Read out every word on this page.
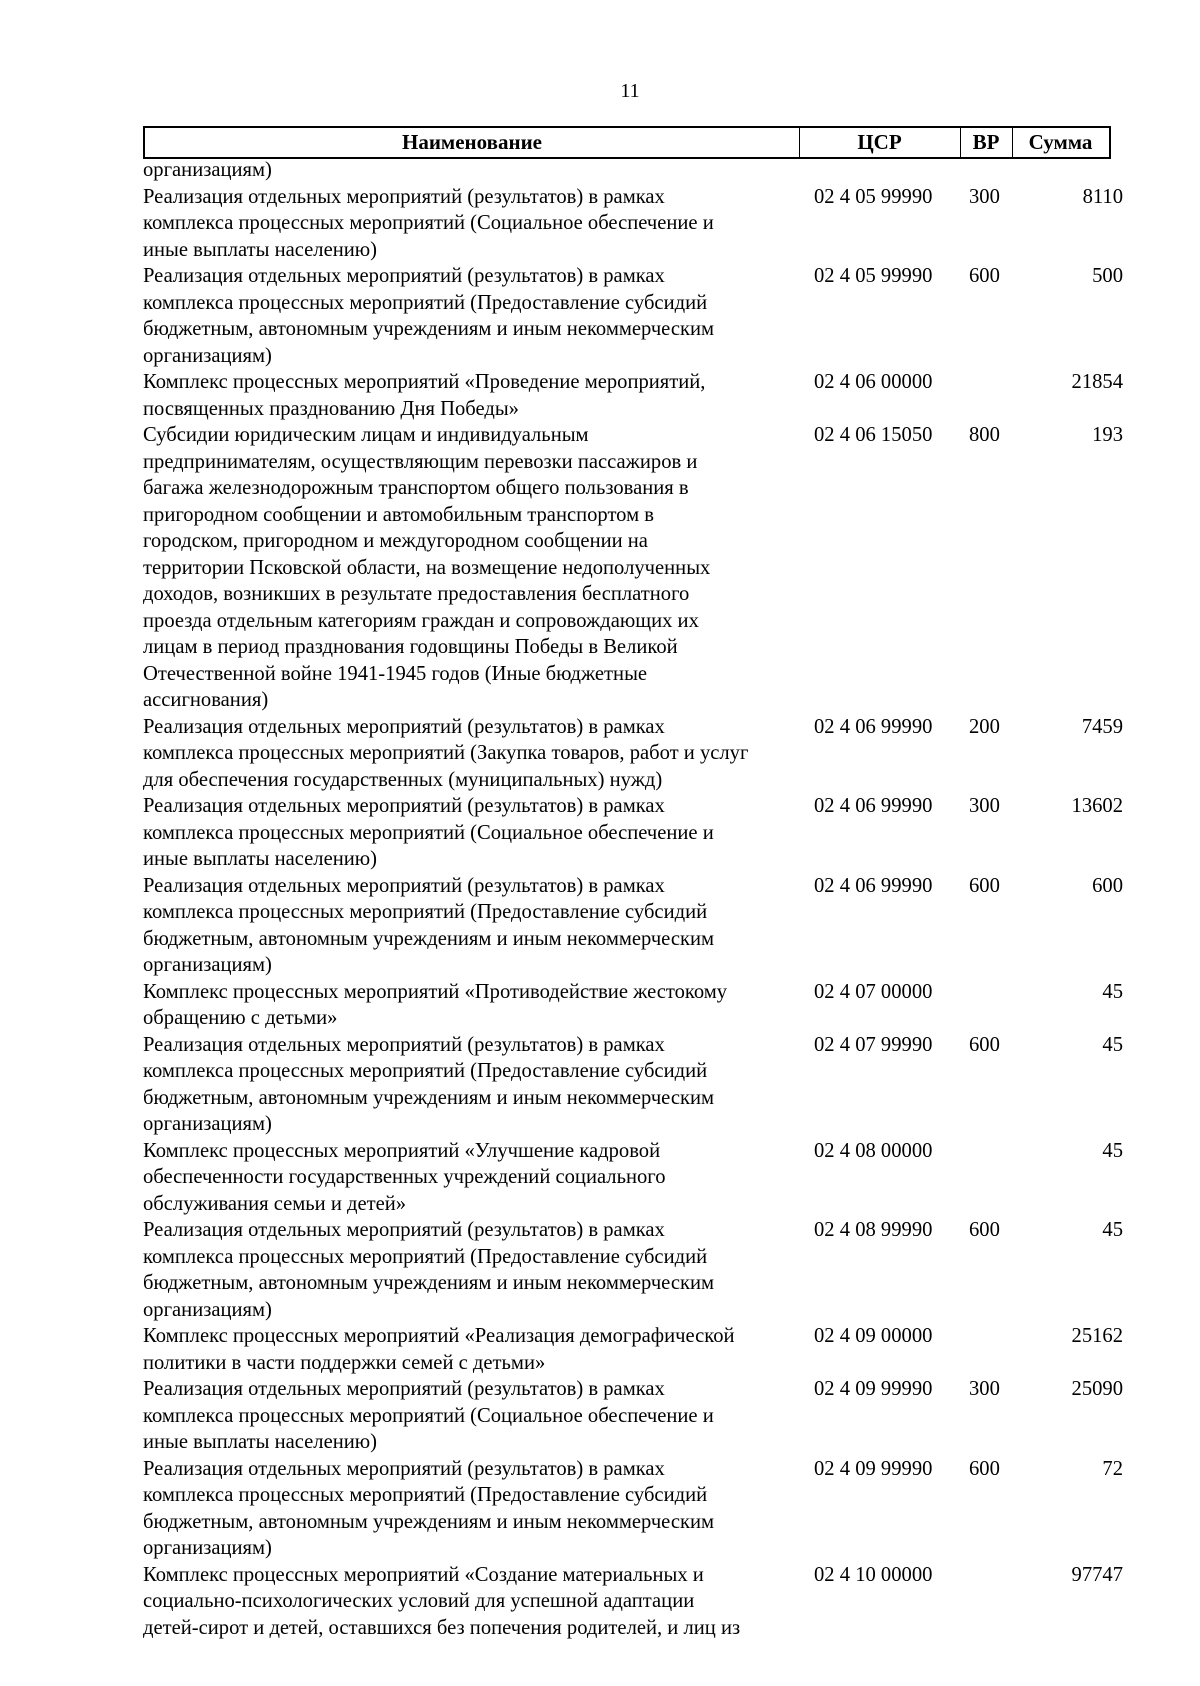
11
Наименование	ЦСР	ВР	Сумма
организациям)
Реализация отдельных мероприятий (результатов) в рамках
комплекса процессных мероприятий (Социальное обеспечение и
иные выплаты населению)
02 4 05 99990 300	8110
Реализация отдельных мероприятий (результатов) в рамках
комплекса процессных мероприятий (Предоставление субсидий
бюджетным, автономным учреждениям и иным некоммерческим
организациям)
02 4 05 99990 600	500
Комплекс процессных мероприятий «Проведение мероприятий,
посвященных празднованию Дня Победы»
02 4 06 00000	21854
Субсидии юридическим лицам и индивидуальным
предпринимателям, осуществляющим перевозки пассажиров и
багажа железнодорожным транспортом общего пользования в
пригородном сообщении и автомобильным транспортом в
городском, пригородном и междугородном сообщении на
территории Псковской области, на возмещение недополученных
доходов, возникших в результате предоставления бесплатного
проезда отдельным категориям граждан и сопровождающих их
лицам в период празднования годовщины Победы в Великой
Отечественной войне 1941-1945 годов (Иные бюджетные
ассигнования)
02 4 06 15050 800	193
Реализация отдельных мероприятий (результатов) в рамках
комплекса процессных мероприятий (Закупка товаров, работ и услуг
для обеспечения государственных (муниципальных) нужд)
02 4 06 99990 200	7459
Реализация отдельных мероприятий (результатов) в рамках
комплекса процессных мероприятий (Социальное обеспечение и
иные выплаты населению)
02 4 06 99990 300	13602
Реализация отдельных мероприятий (результатов) в рамках
комплекса процессных мероприятий (Предоставление субсидий
бюджетным, автономным учреждениям и иным некоммерческим
организациям)
02 4 06 99990 600	600
Комплекс процессных мероприятий «Противодействие жестокому
обращению с детьми»
02 4 07 00000	45
Реализация отдельных мероприятий (результатов) в рамках
комплекса процессных мероприятий (Предоставление субсидий
бюджетным, автономным учреждениям и иным некоммерческим
организациям)
02 4 07 99990 600	45
Комплекс процессных мероприятий «Улучшение кадровой
обеспеченности государственных учреждений социального
обслуживания семьи и детей»
02 4 08 00000	45
Реализация отдельных мероприятий (результатов) в рамках
комплекса процессных мероприятий (Предоставление субсидий
бюджетным, автономным учреждениям и иным некоммерческим
организациям)
02 4 08 99990 600	45
Комплекс процессных мероприятий «Реализация демографической
политики в части поддержки семей с детьми»
02 4 09 00000	25162
Реализация отдельных мероприятий (результатов) в рамках
комплекса процессных мероприятий (Социальное обеспечение и
иные выплаты населению)
02 4 09 99990 300	25090
Реализация отдельных мероприятий (результатов) в рамках
комплекса процессных мероприятий (Предоставление субсидий
бюджетным, автономным учреждениям и иным некоммерческим
организациям)
02 4 09 99990 600	72
Комплекс процессных мероприятий «Создание материальных и
социально-психологических условий для успешной адаптации
детей-сирот и детей, оставшихся без попечения родителей, и лиц из
02 4 10 00000	97747
